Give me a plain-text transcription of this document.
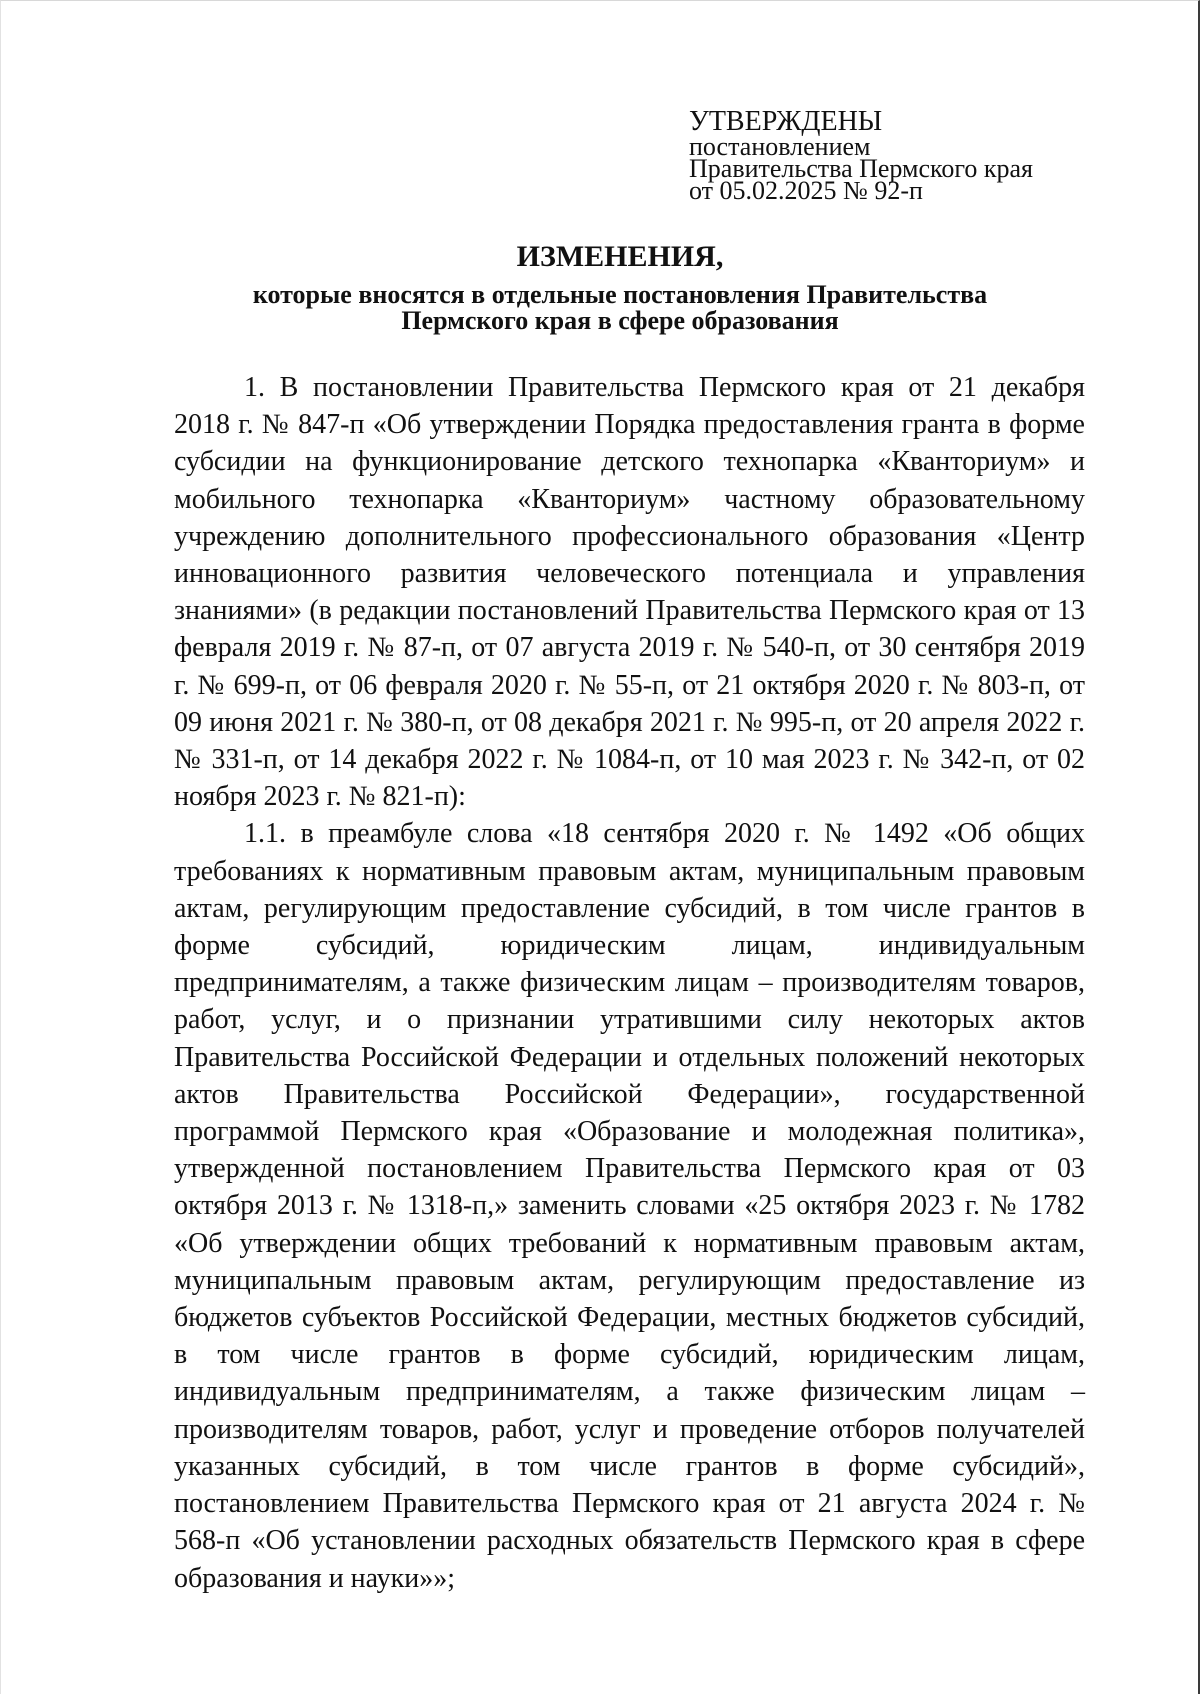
УТВЕРЖДЕНЫ
постановлением
Правительства Пермского края
от 05.02.2025 № 92-п
ИЗМЕНЕНИЯ,
которые вносятся в отдельные постановления Правительства
Пермского края в сфере образования

1. В постановлении Правительства Пермского края от 21 декабря 2018 г. № 847-п «Об утверждении Порядка предоставления гранта в форме субсидии на функционирование детского технопарка «Кванториум» и мобильного технопарка «Кванториум» частному образовательному учреждению дополнительного профессионального образования «Центр инновационного развития человеческого потенциала и управления знаниями» (в редакции постановлений Правительства Пермского края от 13 февраля 2019 г. № 87-п, от 07 августа 2019 г. № 540-п, от 30 сентября 2019 г. № 699-п, от 06 февраля 2020 г. № 55-п, от 21 октября 2020 г. № 803-п, от 09 июня 2021 г. № 380-п, от 08 декабря 2021 г. № 995-п, от 20 апреля 2022 г. № 331-п, от 14 декабря 2022 г. № 1084-п, от 10 мая 2023 г. № 342-п, от 02 ноября 2023 г. № 821-п):

1.1. в преамбуле слова «18 сентября 2020 г. № 1492 «Об общих требованиях к нормативным правовым актам, муниципальным правовым актам, регулирующим предоставление субсидий, в том числе грантов в форме субсидий, юридическим лицам, индивидуальным предпринимателям, а также физическим лицам – производителям товаров, работ, услуг, и о признании утратившими силу некоторых актов Правительства Российской Федерации и отдельных положений некоторых актов Правительства Российской Федерации», государственной программой Пермского края «Образование и молодежная политика», утвержденной постановлением Правительства Пермского края от 03 октября 2013 г. № 1318-п,» заменить словами «25 октября 2023 г. № 1782 «Об утверждении общих требований к нормативным правовым актам, муниципальным правовым актам, регулирующим предоставление из бюджетов субъектов Российской Федерации, местных бюджетов субсидий, в том числе грантов в форме субсидий, юридическим лицам, индивидуальным предпринимателям, а также физическим лицам – производителям товаров, работ, услуг и проведение отборов получателей указанных субсидий, в том числе грантов в форме субсидий», постановлением Правительства Пермского края от 21 августа 2024 г. № 568-п «Об установлении расходных обязательств Пермского края в сфере образования и науки»»;
